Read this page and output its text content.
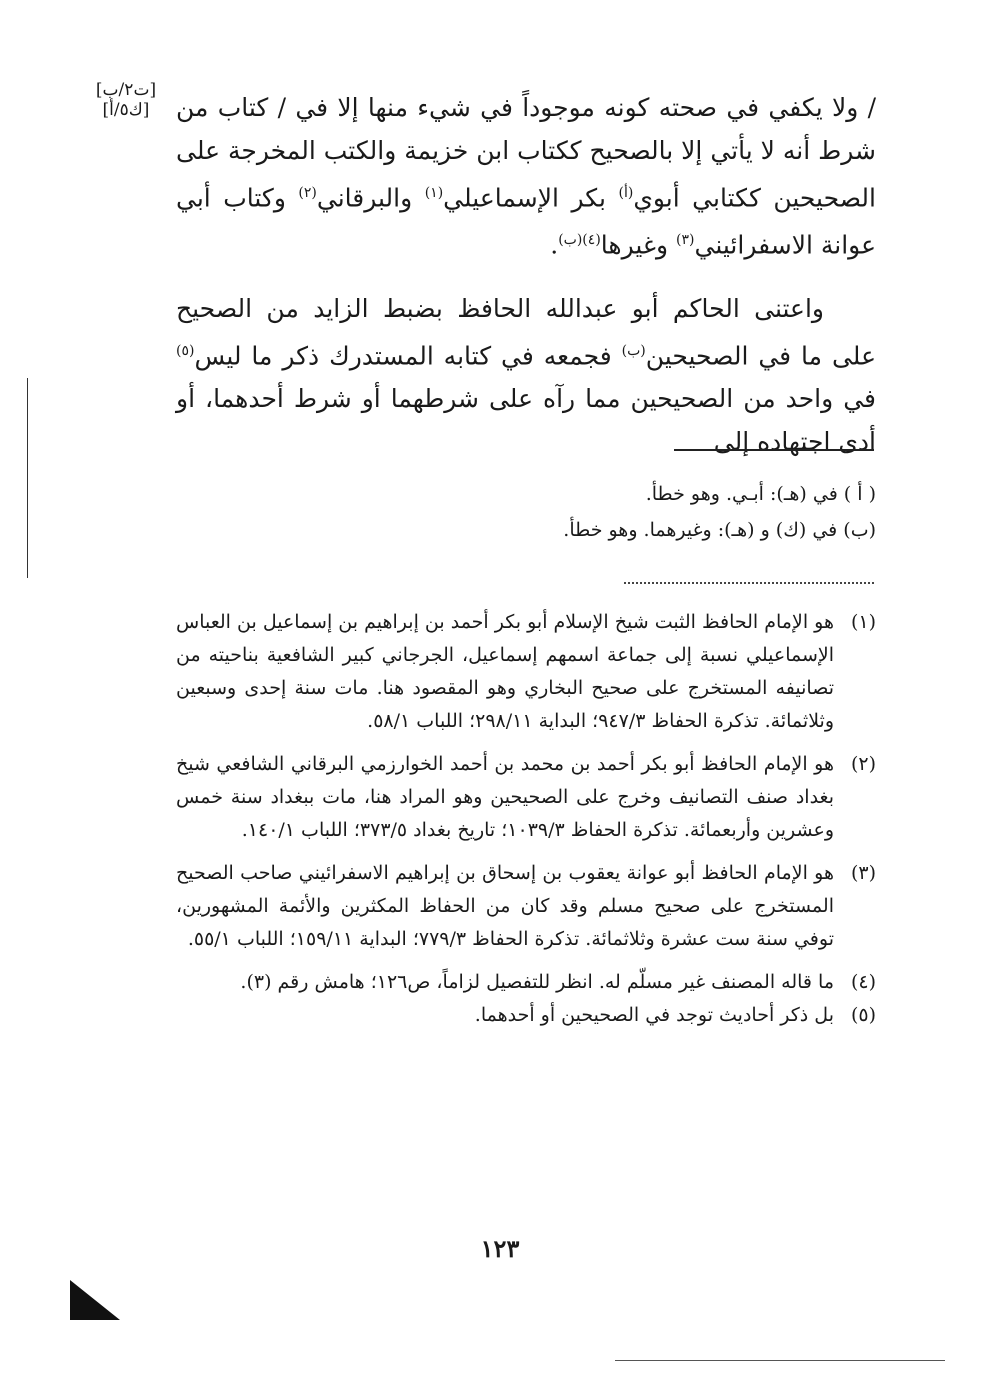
[ت٢/ب]
[ك٥/أ]	/ ولا يكفي في صحته كونه موجوداً في شيء منها إلا في / كتاب من شرط أنه لا يأتي إلا بالصحيح ككتاب ابن خزيمة والكتب المخرجة على الصحيحين ككتابي أبوي$^{(أ)}$ بكر الإسماعيلي$^{(١)}$ والبرقاني$^{(٢)}$ وكتاب أبي عوانة الاسفرائيني$^{(٣)}$ وغيرها$^{(٤)(ب)}$.

واعتنى الحاكم أبو عبدالله الحافظ بضبط الزايد من الصحيح على ما في الصحيحين$^{(ب)}$ فجمعه في كتابه المستدرك ذكر ما ليس$^{(٥)}$ في واحد من الصحيحين مما رآه على شرطهما أو شرط أحدهما، أو أدى اجتهاده إلى

( أ ) في (هـ): أبـي. وهو خطأ.
(ب) في (ك) و (هـ): وغيرهما. وهو خطأ.
(١)
هو الإمام الحافظ الثبت شيخ الإسلام أبو بكر أحمد بن إبراهيم بن إسماعيل بن العباس الإسماعيلي نسبة إلى جماعة اسمهم إسماعيل، الجرجاني كبير الشافعية بناحيته من تصانيفه المستخرج على صحيح البخاري وهو المقصود هنا. مات سنة إحدى وسبعين وثلاثمائة. تذكرة الحفاظ ٩٤٧/٣؛ البداية ٢٩٨/١١؛ اللباب ٥٨/١.
(٢)
هو الإمام الحافظ أبو بكر أحمد بن محمد بن أحمد الخوارزمي البرقاني الشافعي شيخ بغداد صنف التصانيف وخرج على الصحيحين وهو المراد هنا، مات ببغداد سنة خمس وعشرين وأربعمائة. تذكرة الحفاظ ١٠٣٩/٣؛ تاريخ بغداد ٣٧٣/٥؛ اللباب ١٤٠/١.
(٣)
هو الإمام الحافظ أبو عوانة يعقوب بن إسحاق بن إبراهيم الاسفرائيني صاحب الصحيح المستخرج على صحيح مسلم وقد كان من الحفاظ المكثرين والأئمة المشهورين، توفي سنة ست عشرة وثلاثمائة. تذكرة الحفاظ ٧٧٩/٣؛ البداية ١٥٩/١١؛ اللباب ٥٥/١.
(٤)
ما قاله المصنف غير مسلّم له. انظر للتفصيل لزاماً، ص١٢٦؛ هامش رقم (٣).
(٥)
بل ذكر أحاديث توجد في الصحيحين أو أحدهما.
١٢٣
